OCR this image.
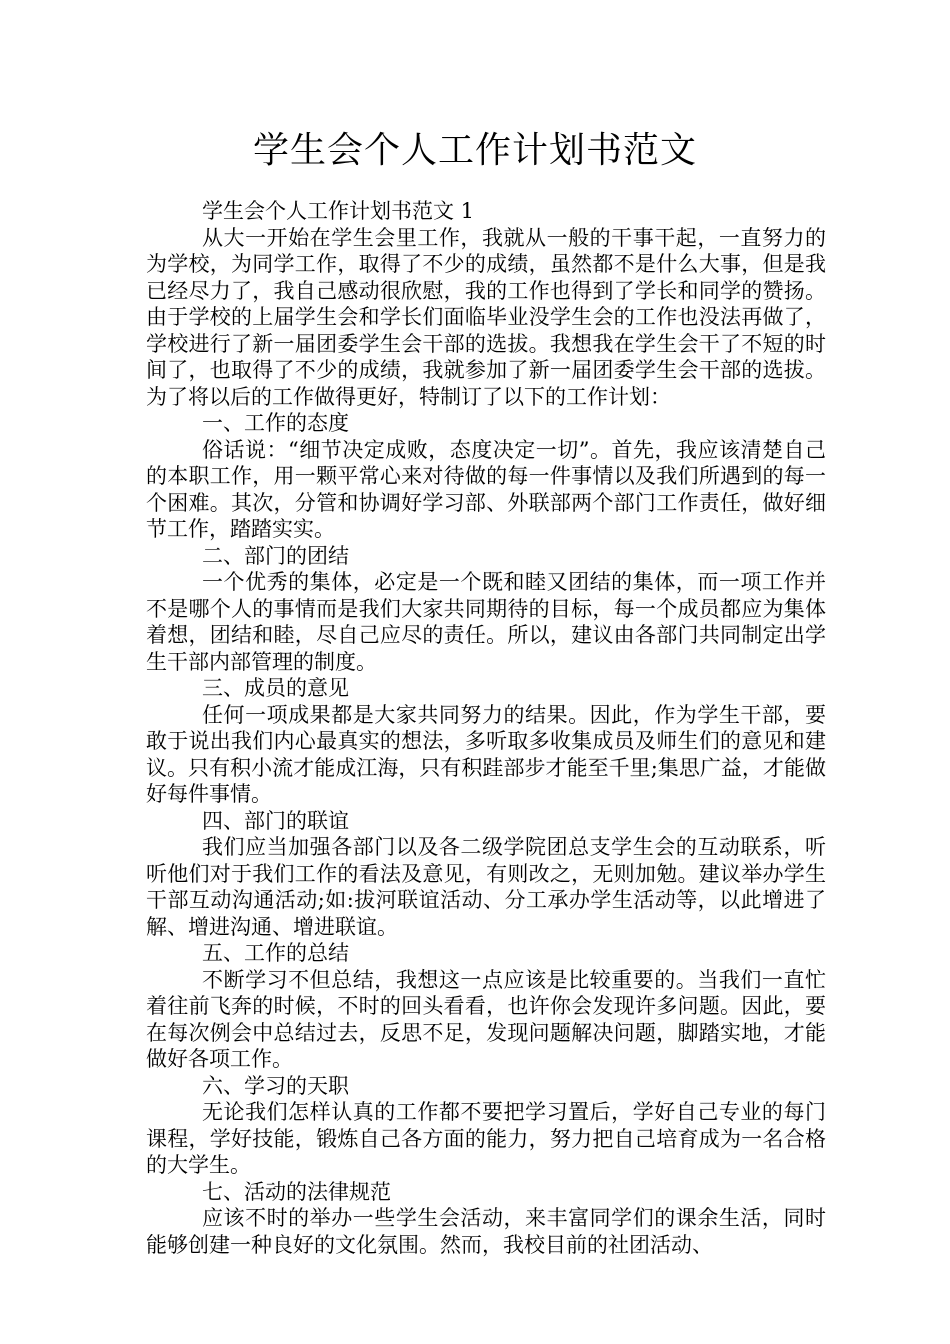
学生会个人工作计划书范文

学生会个人工作计划书范文 1

从大一开始在学生会里工作，我就从一般的干事干起，一直努力的为学校，为同学工作，取得了不少的成绩，虽然都不是什么大事，但是我已经尽力了，我自己感动很欣慰，我的工作也得到了学长和同学的赞扬。由于学校的上届学生会和学长们面临毕业没学生会的工作也没法再做了，学校进行了新一届团委学生会干部的选拔。我想我在学生会干了不短的时间了，也取得了不少的成绩，我就参加了新一届团委学生会干部的选拔。为了将以后的工作做得更好，特制订了以下的工作计划：

一、工作的态度

俗话说：“细节决定成败，态度决定一切”。首先，我应该清楚自己的本职工作，用一颗平常心来对待做的每一件事情以及我们所遇到的每一个困难。其次，分管和协调好学习部、外联部两个部门工作责任，做好细节工作，踏踏实实。

二、部门的团结

一个优秀的集体，必定是一个既和睦又团结的集体，而一项工作并不是哪个人的事情而是我们大家共同期待的目标，每一个成员都应为集体着想，团结和睦，尽自己应尽的责任。所以，建议由各部门共同制定出学生干部内部管理的制度。

三、成员的意见

任何一项成果都是大家共同努力的结果。因此，作为学生干部，要敢于说出我们内心最真实的想法，多听取多收集成员及师生们的意见和建议。只有积小流才能成江海，只有积跬部步才能至千里;集思广益，才能做好每件事情。

四、部门的联谊

我们应当加强各部门以及各二级学院团总支学生会的互动联系，听听他们对于我们工作的看法及意见，有则改之，无则加勉。建议举办学生干部互动沟通活动;如:拔河联谊活动、分工承办学生活动等，以此增进了解、增进沟通、增进联谊。

五、工作的总结

不断学习不但总结，我想这一点应该是比较重要的。当我们一直忙着往前飞奔的时候，不时的回头看看，也许你会发现许多问题。因此，要在每次例会中总结过去，反思不足，发现问题解决问题，脚踏实地，才能做好各项工作。

六、学习的天职

无论我们怎样认真的工作都不要把学习置后，学好自己专业的每门课程，学好技能，锻炼自己各方面的能力，努力把自己培育成为一名合格的大学生。

七、活动的法律规范

应该不时的举办一些学生会活动，来丰富同学们的课余生活，同时能够创建一种良好的文化氛围。然而，我校目前的社团活动、
